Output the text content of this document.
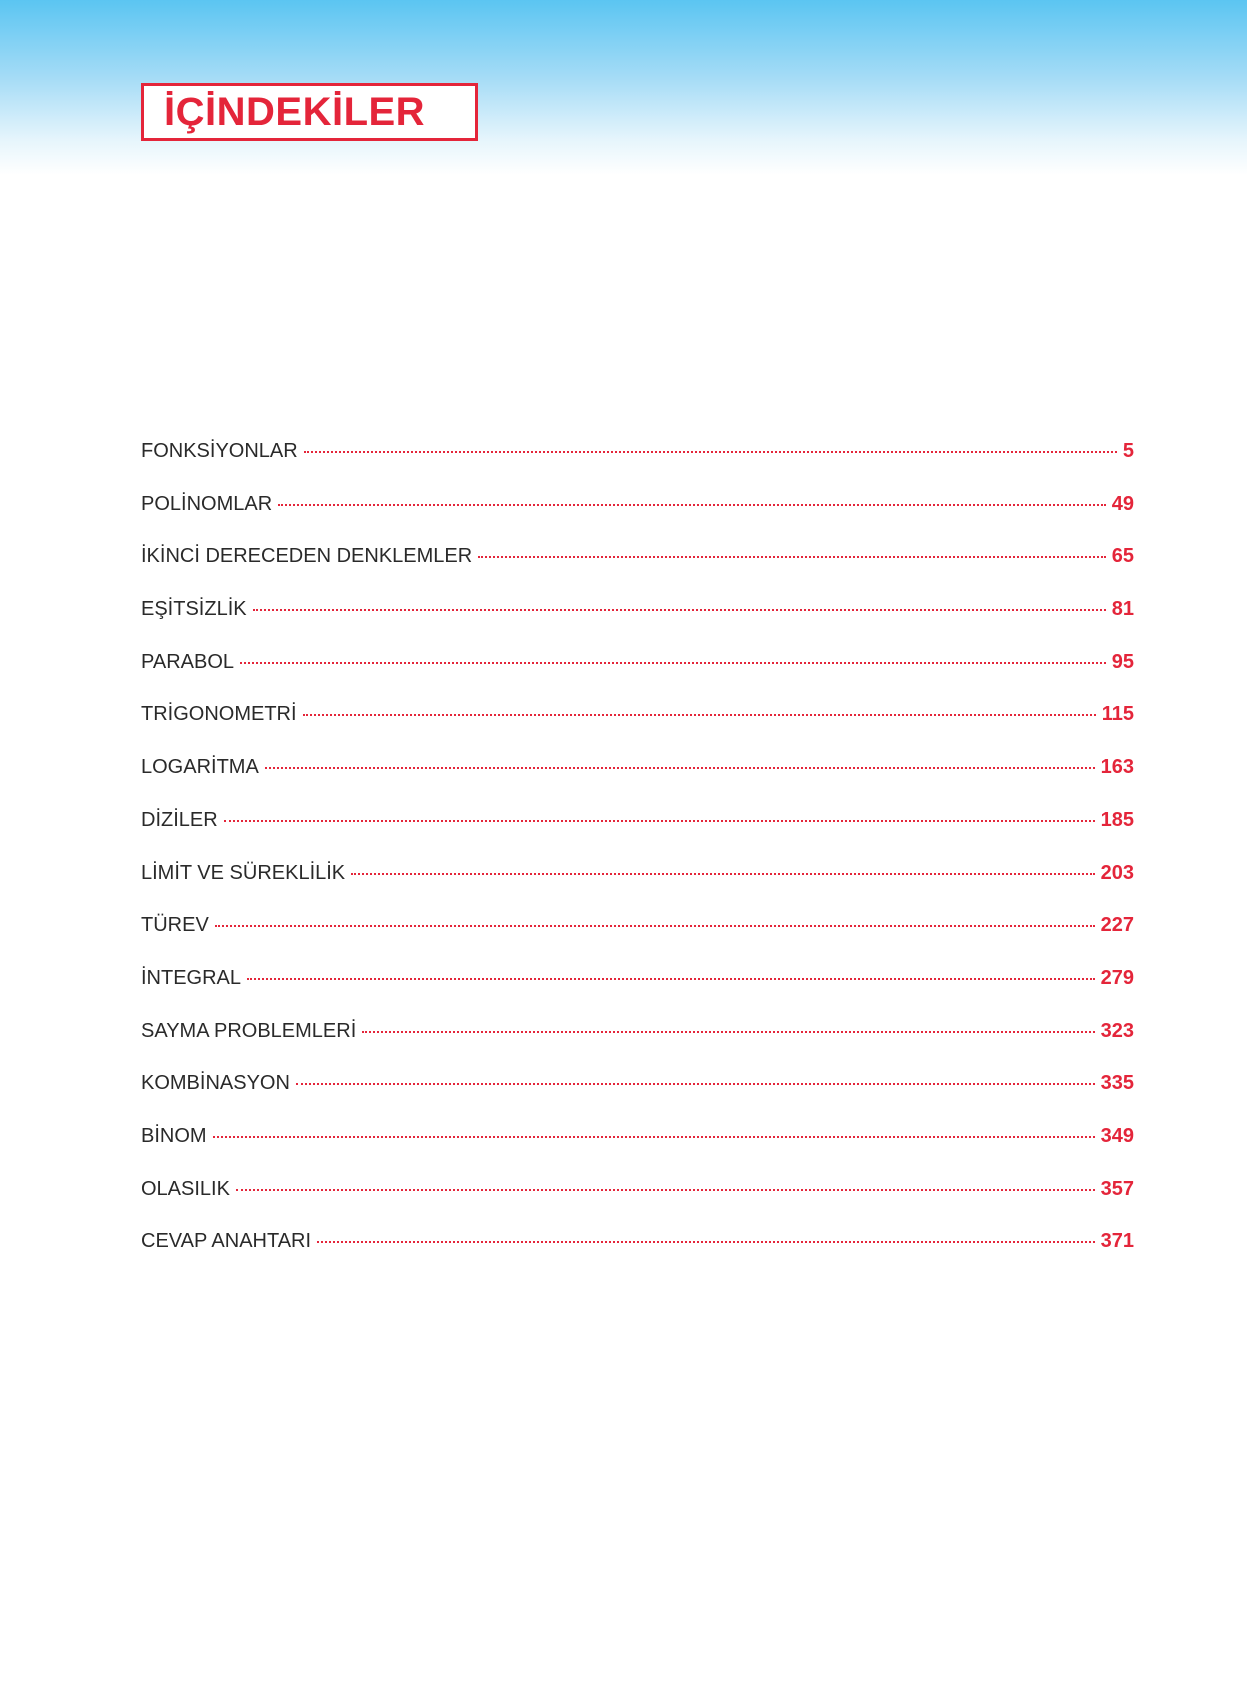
İÇİNDEKİLER
FONKSİYONLAR	5
POLİNOMLAR	49
İKİNCİ DERECEDEN DENKLEMLER	65
EŞİTSİZLİK	81
PARABOL	95
TRİGONOMETRİ	115
LOGARİTMA	163
DİZİLER	185
LİMİT VE SÜREKLİLİK	203
TÜREV	227
İNTEGRAL	279
SAYMA PROBLEMLERİ	323
KOMBİNASYON	335
BİNOM	349
OLASILIK	357
CEVAP ANAHTARI	371
